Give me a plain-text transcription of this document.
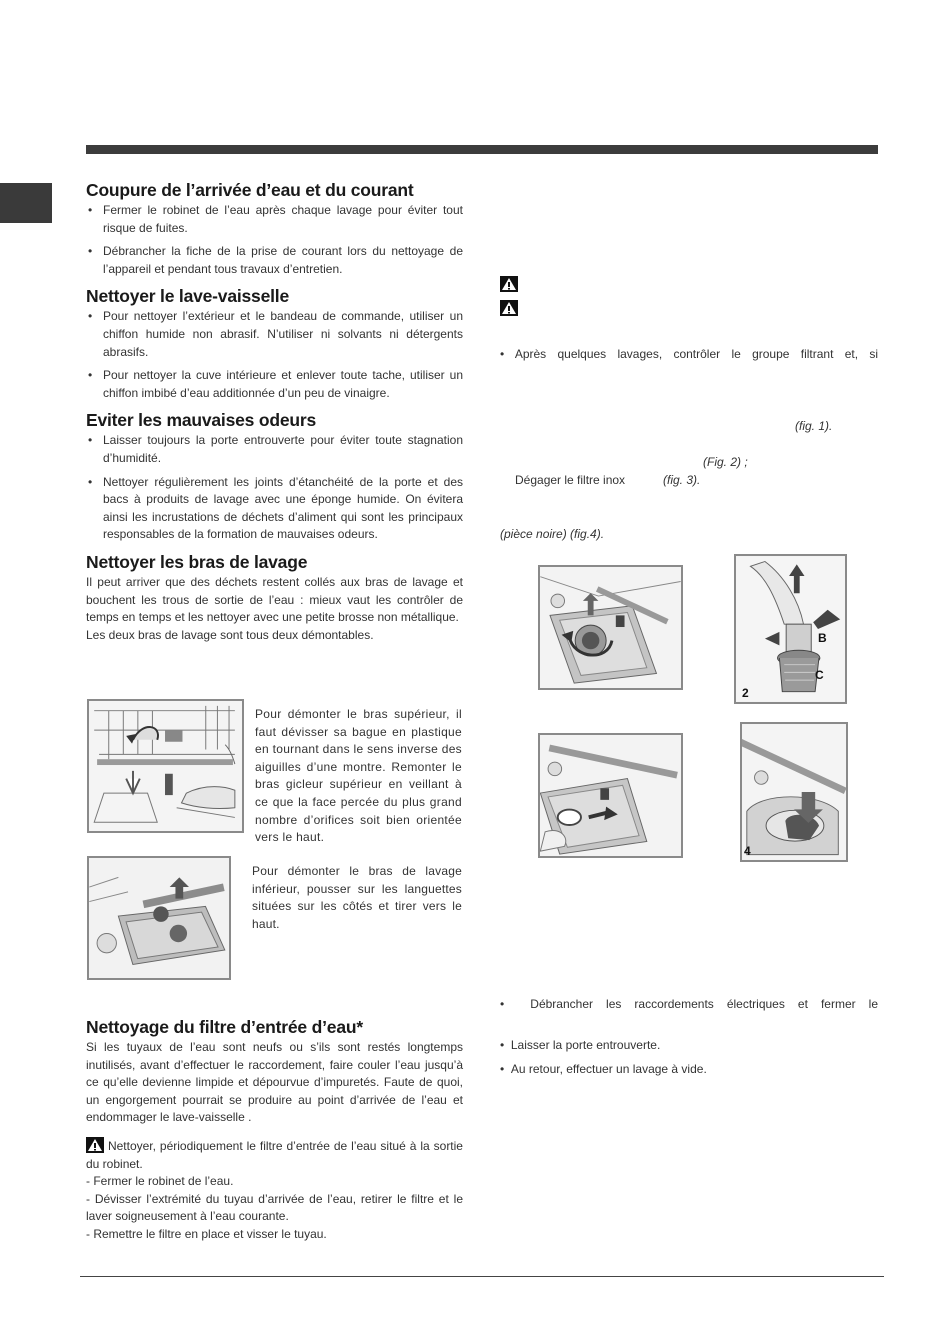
Coupure de l’arrivée d’eau et du courant

• Fermer le robinet de l’eau après chaque lavage pour éviter tout risque de fuites.

• Débrancher la fiche de la prise de courant lors du nettoyage de l’appareil et pendant tous travaux d’entretien.

Nettoyer le lave-vaisselle

• Pour nettoyer l’extérieur et le bandeau de commande, utiliser un chiffon humide non abrasif. N’utiliser ni solvants ni détergents abrasifs.

• Pour nettoyer la cuve intérieure et enlever toute tache, utiliser un chiffon imbibé d’eau additionnée d’un peu de vinaigre.

Eviter les mauvaises odeurs

• Laisser toujours la porte entrouverte pour éviter toute stagnation d’humidité.

• Nettoyer régulièrement les joints d’étanchéité de la porte et des bacs à produits de lavage avec une éponge humide. On évitera ainsi les incrustations de déchets d’aliment qui sont les principaux responsables de la formation de mauvaises odeurs.

Nettoyer les bras de lavage

Il peut arriver que des déchets restent collés aux bras de lavage et bouchent les trous de sortie de l’eau : mieux vaut les contrôler de temps en temps et les nettoyer avec une petite brosse non métallique.

Les deux bras de lavage sont tous deux démontables.

Pour démonter le bras supérieur, il faut dévisser sa bague en plastique en tournant dans le sens inverse des aiguilles d’une montre. Remonter le bras gicleur supérieur en veillant à ce que la face percée du plus grand nombre d’orifices soit bien orientée vers le haut.

Pour démonter le bras de lavage inférieur, pousser sur les languettes situées sur les côtés et tirer vers le haut.

Nettoyage du filtre d’entrée d’eau*

Si les tuyaux de l’eau sont neufs ou s’ils sont restés longtemps inutilisés, avant d’effectuer le raccordement, faire couler l’eau jusqu’à ce qu’elle devienne limpide et dépourvue d’impuretés. Faute de quoi, un engorgement pourrait se produire au point d’arrivée de l’eau et endommager le lave-vaisselle .

Nettoyer, périodiquement le filtre d’entrée de l’eau situé à la sortie du robinet.

- Fermer le robinet de l’eau.

- Dévisser l’extrémité du tuyau d’arrivée de l’eau, retirer le filtre et le laver soigneusement à l’eau courante.

- Remettre le filtre en place et visser le tuyau.

• Après quelques lavages, contrôler le groupe filtrant et, si
(fig. 1).
(Fig. 2) ;
Dégager le filtre inox	(fig. 3).
(pièce noire) (fig.4).
B
C
2
4
•  Débrancher les raccordements électriques et fermer le
•  Laisser la porte entrouverte.
•  Au retour, effectuer un lavage à vide.
